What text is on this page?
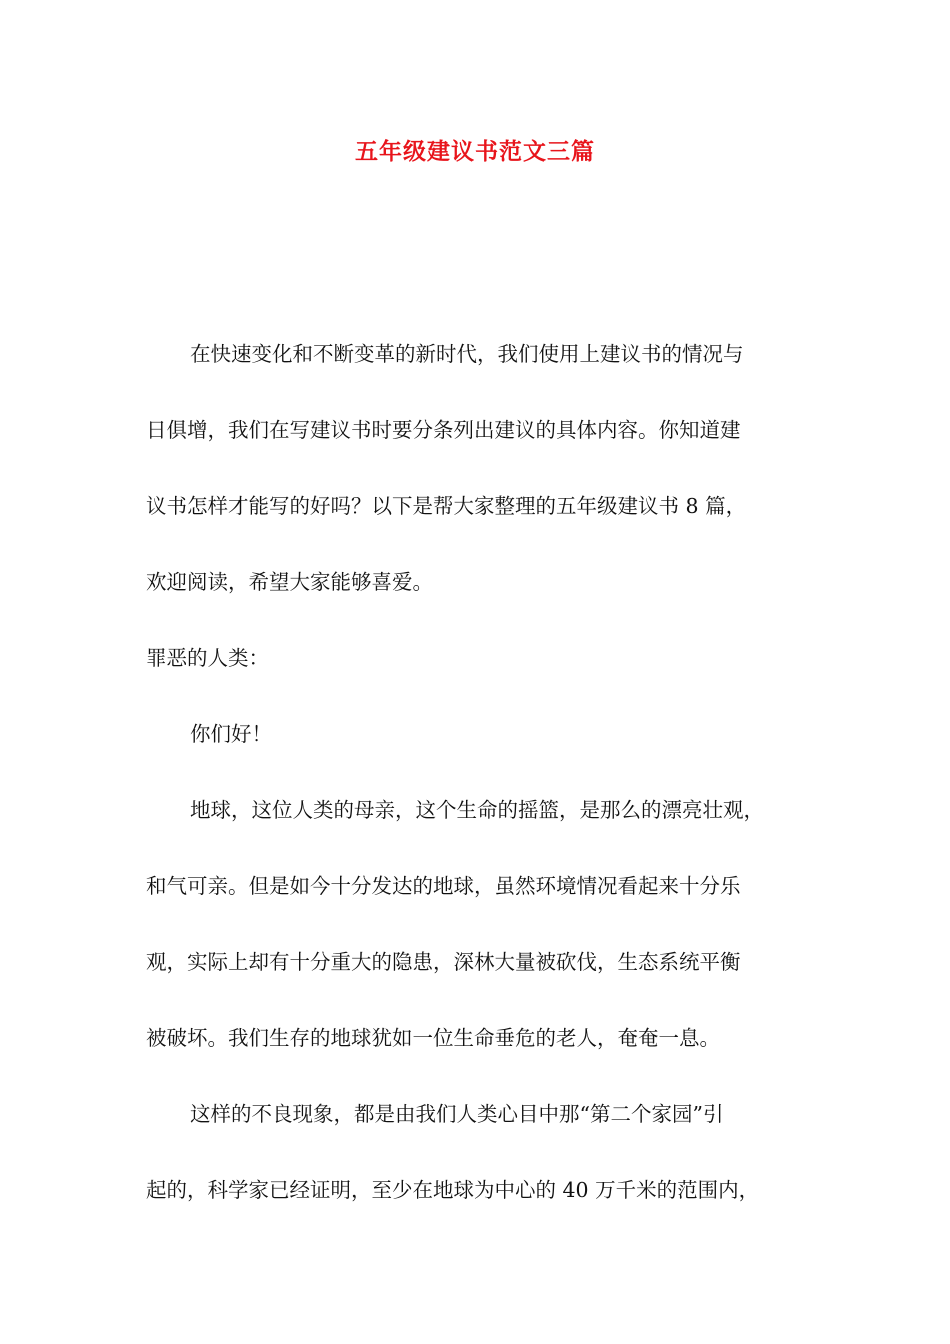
五年级建议书范文三篇
在快速变化和不断变革的新时代，我们使用上建议书的情况与
日俱增，我们在写建议书时要分条列出建议的具体内容。你知道建
议书怎样才能写的好吗？以下是帮大家整理的五年级建议书 8 篇，
欢迎阅读，希望大家能够喜爱。
罪恶的人类：
你们好！
地球，这位人类的母亲，这个生命的摇篮，是那么的漂亮壮观，
和气可亲。但是如今十分发达的地球，虽然环境情况看起来十分乐
观，实际上却有十分重大的隐患，深林大量被砍伐，生态系统平衡
被破坏。我们生存的地球犹如一位生命垂危的老人，奄奄一息。
这样的不良现象，都是由我们人类心目中那“第二个家园”引
起的，科学家已经证明，至少在地球为中心的 40 万千米的范围内，
